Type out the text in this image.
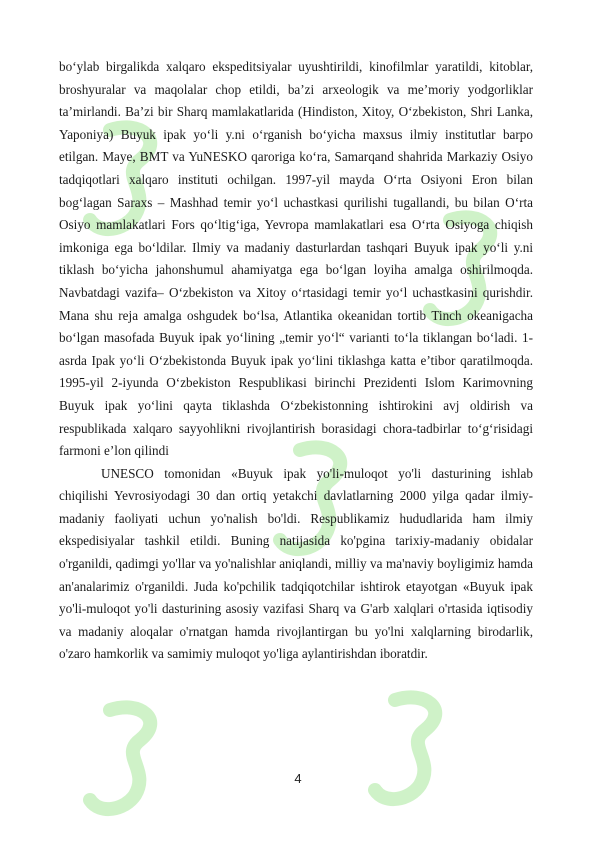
bo‘ylab birgalikda xalqaro ekspeditsiyalar uyushtirildi, kinofilmlar yaratildi, kitoblar, broshyuralar va maqolalar chop etildi, ba’zi arxeologik va me’moriy yodgorliklar ta’mirlandi. Ba’zi bir Sharq mamlakatlarida (Hindiston, Xitoy, O‘zbekiston, Shri Lanka, Yaponiya) Buyuk ipak yo‘li y.ni o‘rganish bo‘yicha maxsus ilmiy institutlar barpo etilgan. Maye, BMT va YuNESKO qaroriga ko‘ra, Samarqand shahrida Markaziy Osiyo tadqiqotlari xalqaro instituti ochilgan. 1997-yil mayda O‘rta Osiyoni Eron bilan bog‘lagan Saraxs – Mashhad temir yo‘l uchastkasi qurilishi tugallandi, bu bilan O‘rta Osiyo mamlakatlari Fors qo‘ltig‘iga, Yevropa mamlakatlari esa O‘rta Osiyoga chiqish imkoniga ega bo‘ldilar. Ilmiy va madaniy dasturlardan tashqari Buyuk ipak yo‘li y.ni tiklash bo‘yicha jahonshumul ahamiyatga ega bo‘lgan loyiha amalga oshirilmoqda. Navbatdagi vazifa– O‘zbekiston va Xitoy o‘rtasidagi temir yo‘l uchastkasini qurishdir. Mana shu reja amalga oshgudek bo‘lsa, Atlantika okeanidan tortib Tinch okeanigacha bo‘lgan masofada Buyuk ipak yo‘lining „temir yo‘l“ varianti to‘la tiklangan bo‘ladi. 1-asrda Ipak yo‘li O‘zbekistonda Buyuk ipak yo‘lini tiklashga katta e’tibor qaratilmoqda. 1995-yil 2-iyunda O‘zbekiston Respublikasi birinchi Prezidenti Islom Karimovning Buyuk ipak yo‘lini qayta tiklashda O‘zbekistonning ishtirokini avj oldirish va respublikada xalqaro sayyohlikni rivojlantirish borasidagi chora-tadbirlar to‘g‘risidagi farmoni e’lon qilindi

UNESCO tomonidan «Buyuk ipak yo'li-muloqot yo'li dasturining ishlab chiqilishi Yevrosiyodagi 30 dan ortiq yetakchi davlatlarning 2000 yilga qadar ilmiy-madaniy faoliyati uchun yo'nalish bo'ldi. Respublikamiz hududlarida ham ilmiy ekspedisiyalar tashkil etildi. Buning natijasida ko'pgina tarixiy-madaniy obidalar o'rganildi, qadimgi yo'llar va yo'nalishlar aniqlandi, milliy va ma'naviy boyligimiz hamda an'analarimiz o'rganildi. Juda ko'pchilik tadqiqotchilar ishtirok etayotgan «Buyuk ipak yo'li-muloqot yo'li dasturining asosiy vazifasi Sharq va G'arb xalqlari o'rtasida iqtisodiy va madaniy aloqalar o'rnatgan hamda rivojlantirgan bu yo'lni xalqlarning birodarlik, o'zaro hamkorlik va samimiy muloqot yo'liga aylantirishdan iboratdir.

4
